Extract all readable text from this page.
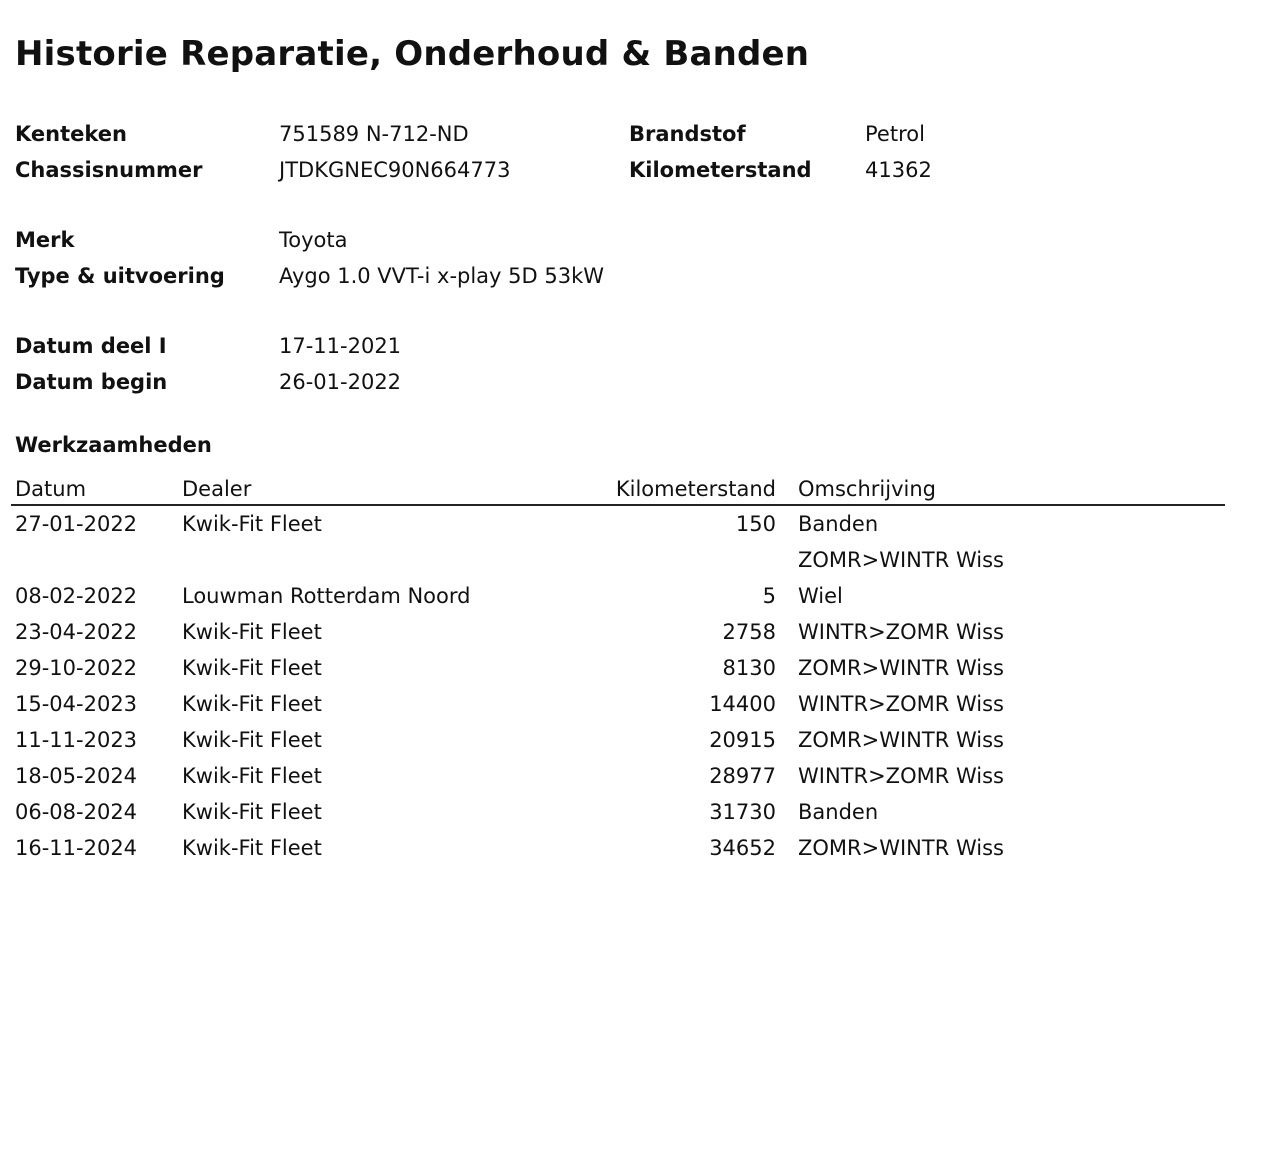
Historie Reparatie, Onderhoud & Banden
Kenteken	751589 N-712-ND	Brandstof	Petrol
Chassisnummer	JTDKGNEC90N664773	Kilometerstand	41362
Merk	Toyota
Type & uitvoering	Aygo 1.0 VVT-i x-play 5D 53kW
Datum deel I	17-11-2021
Datum begin	26-01-2022
Werkzaamheden
Datum	Dealer	Kilometerstand	Omschrijving
27-01-2022	Kwik-Fit Fleet	150	Banden
ZOMR>WINTR Wiss

08-02-2022	Louwman Rotterdam Noord	5	Wiel

23-04-2022	Kwik-Fit Fleet	2758	WINTR>ZOMR Wiss

29-10-2022	Kwik-Fit Fleet	8130	ZOMR>WINTR Wiss

15-04-2023	Kwik-Fit Fleet	14400	WINTR>ZOMR Wiss

11-11-2023	Kwik-Fit Fleet	20915	ZOMR>WINTR Wiss

18-05-2024	Kwik-Fit Fleet	28977	WINTR>ZOMR Wiss

06-08-2024	Kwik-Fit Fleet	31730	Banden

16-11-2024	Kwik-Fit Fleet	34652	ZOMR>WINTR Wiss
